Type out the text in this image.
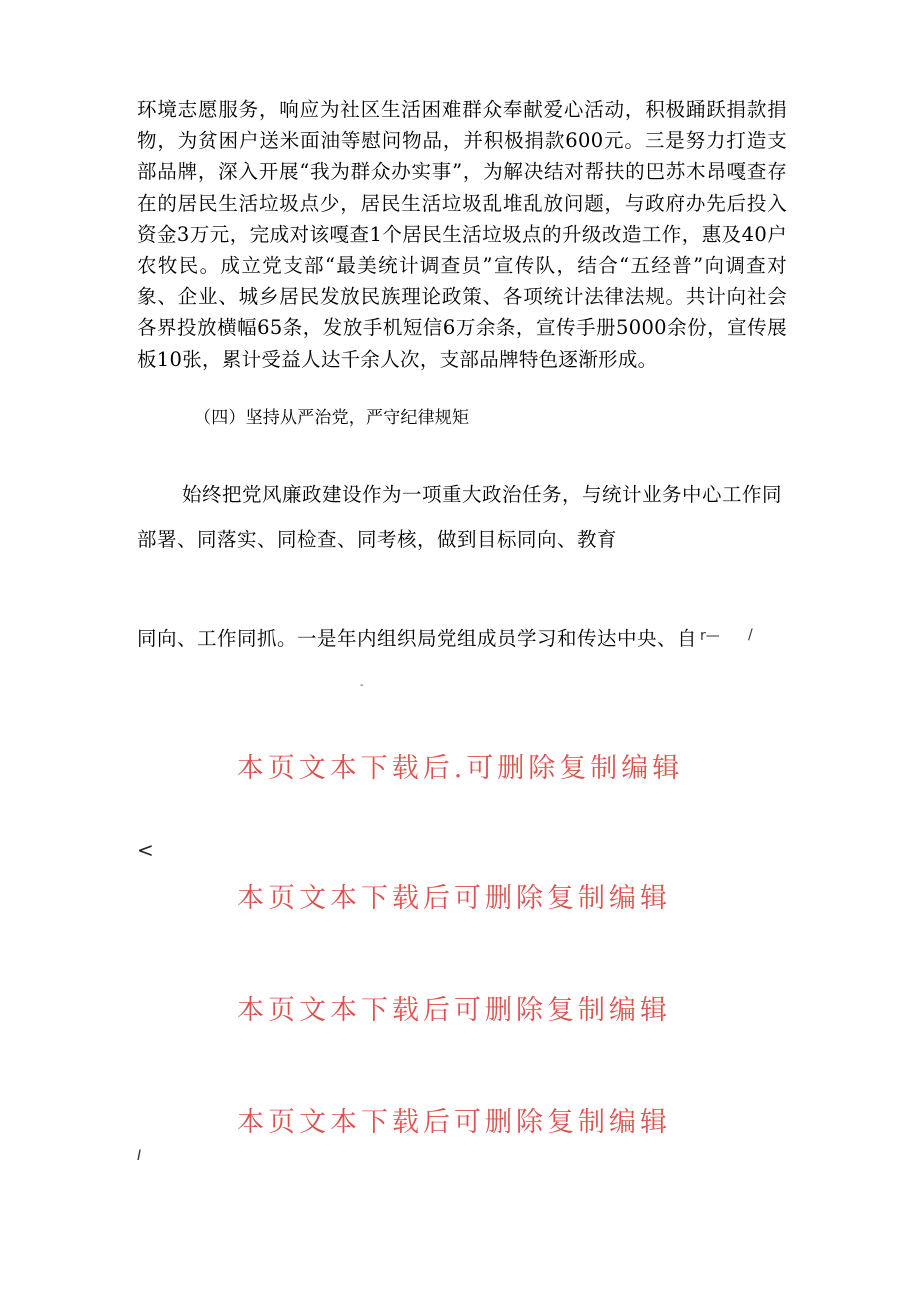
环境志愿服务，响应为社区生活困难群众奉献爱心活动，积极踊跃捐款捐物，为贫困户送米面油等慰问物品，并积极捐款600元。三是努力打造支部品牌，深入开展“我为群众办实事”，为解决结对帮扶的巴苏木昂嘎查存在的居民生活垃圾点少，居民生活垃圾乱堆乱放问题，与政府办先后投入资金3万元，完成对该嘎查1个居民生活垃圾点的升级改造工作，惠及40户农牧民。成立党支部“最美统计调查员”宣传队，结合“五经普”向调查对象、企业、城乡居民发放民族理论政策、各项统计法律法规。共计向社会各界投放横幅65条，发放手机短信6万余条，宣传手册5000余份，宣传展板10张，累计受益人达千余人次，支部品牌特色逐渐形成。

（四）坚持从严治党，严守纪律规矩

始终把党风廉政建设作为一项重大政治任务，与统计业务中心工作同

部署、同落实、同检查、同考核，做到目标同向、教育

同向、工作同抓。一是年内组织局党组成员学习和传达中央、自 r— /
-
<
I

本页文本下载后.可删除复制编辑

本页文本下载后可删除复制编辑

本页文本下载后可删除复制编辑

本页文本下载后可删除复制编辑
